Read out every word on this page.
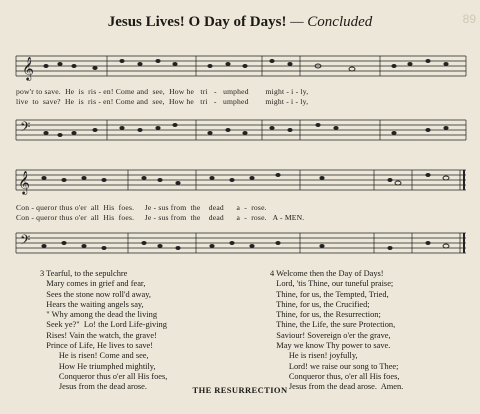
Jesus Lives! O Day of Days! — Concluded	89
𝄞
pow'r to save.  He  is  ris - en! Come and  see,  How he   tri   -   umphed        might - i - ly,
live  to  save?  He  is  ris - en! Come and  see,  How he   tri   -   umphed        might - i - ly,
𝄢
𝄞
Con - queror thus o'er  all  His  foes.     Je - sus from  the    dead      a  -  rose.
Con - queror thus o'er  all  His  foes.     Je - sus from  the    dead      a  -  rose.   A - MEN.
𝄢
3 Tearful, to the sepulchre
Mary comes in grief and fear,
Sees the stone now roll'd away,
Hears the waiting angels say,
" Why among the dead the living
Seek ye?"  Lo! the Lord Life-giving
Rises! Vain the watch, the grave!
Prince of Life, He lives to save!
He is risen! Come and see,
How He triumphed mightily,
Conqueror thus o'er all His foes,
Jesus from the dead arose.
4 Welcome then the Day of Days!
Lord, 'tis Thine, our tuneful praise;
Thine, for us, the Tempted, Tried,
Thine, for us, the Crucified;
Thine, for us, the Resurrection;
Thine, the Life, the sure Protection,
Saviour! Sovereign o'er the grave,
May we know Thy power to save.
He is risen! joyfully,
Lord! we raise our song to Thee;
Conqueror thus, o'er all His foes,
Jesus from the dead arose.  Amen.
THE RESURRECTION
